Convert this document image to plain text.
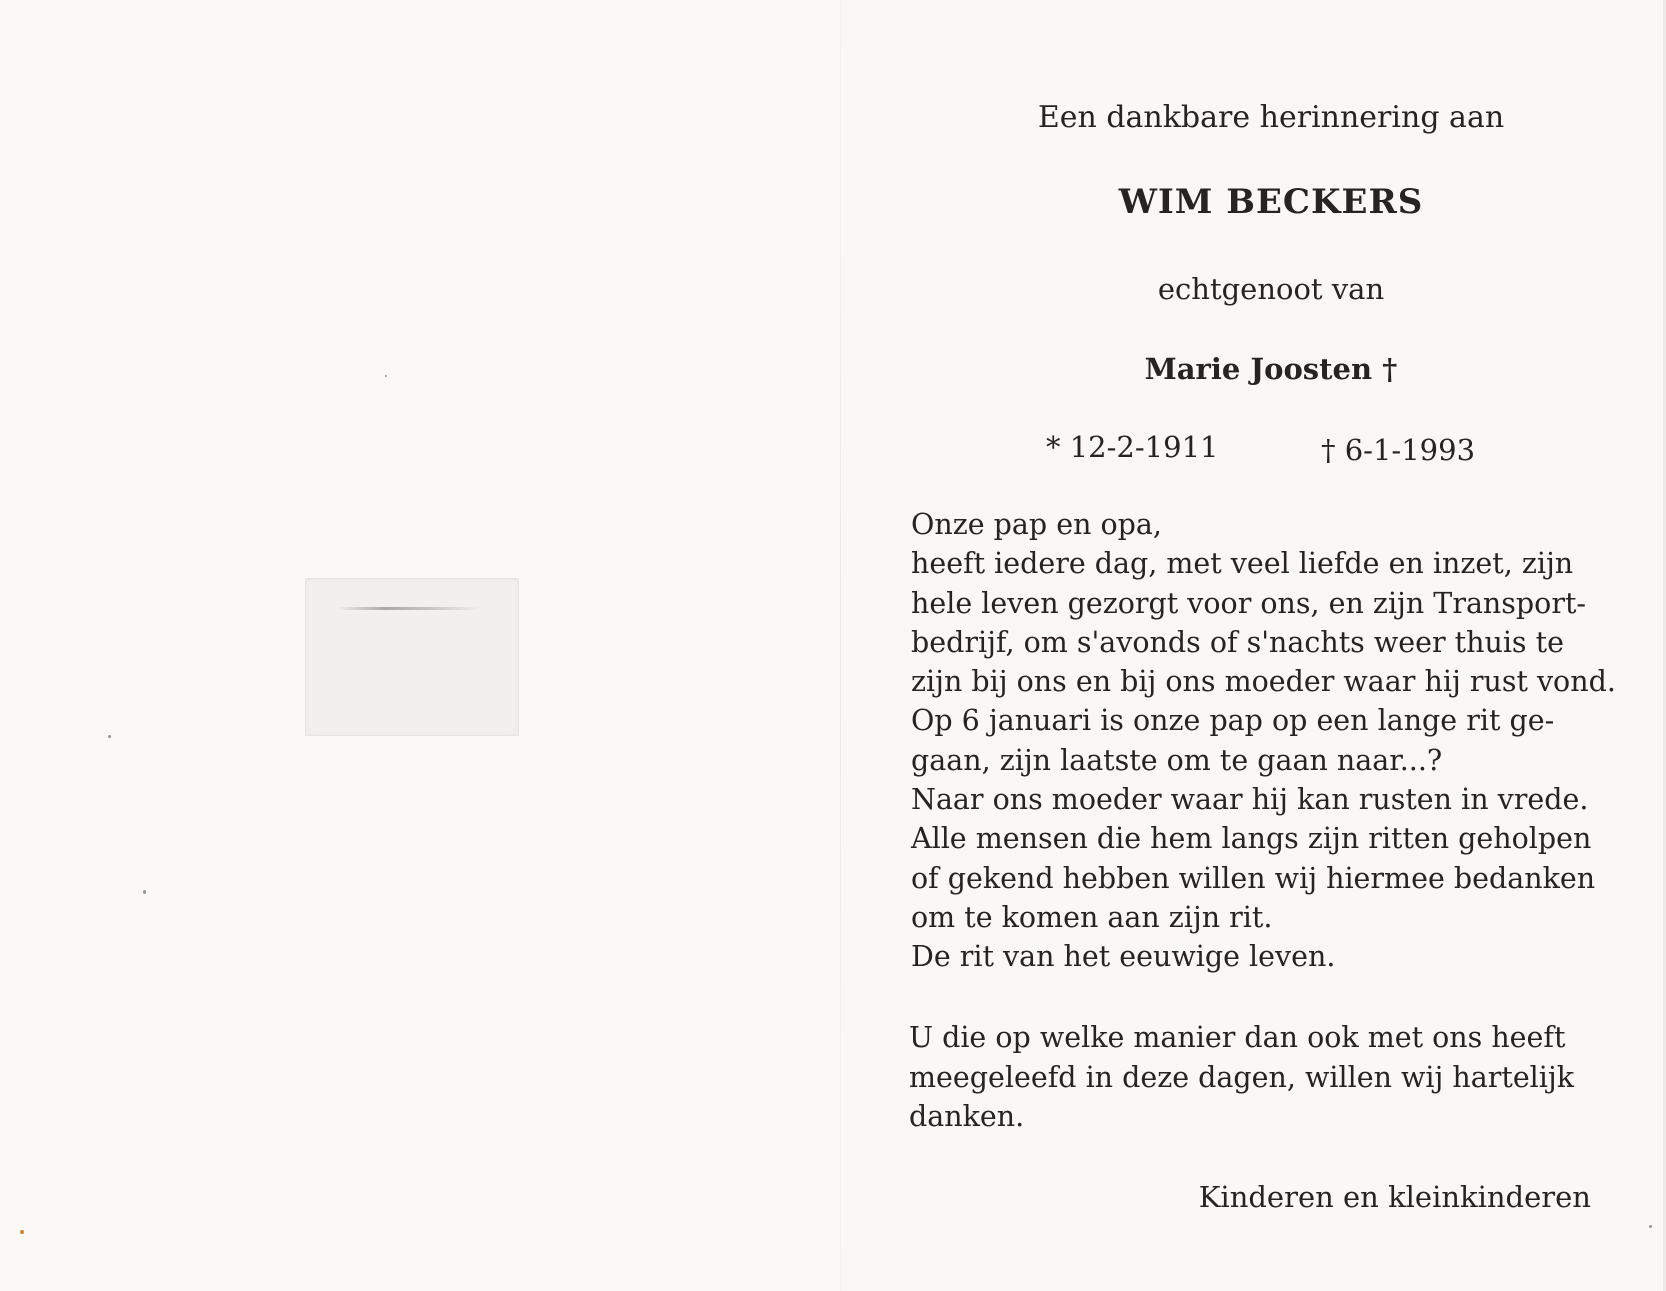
Een dankbare herinnering aan
WIM BECKERS
echtgenoot van
Marie Joosten †
* 12-2-1911	† 6-1-1993
Onze pap en opa,
heeft iedere dag, met veel liefde en inzet, zijn
hele leven gezorgt voor ons, en zijn Transport-
bedrijf, om s'avonds of s'nachts weer thuis te
zijn bij ons en bij ons moeder waar hij rust vond.
Op 6 januari is onze pap op een lange rit ge-
gaan, zijn laatste om te gaan naar...?
Naar ons moeder waar hij kan rusten in vrede.
Alle mensen die hem langs zijn ritten geholpen
of gekend hebben willen wij hiermee bedanken
om te komen aan zijn rit.
De rit van het eeuwige leven.
U die op welke manier dan ook met ons heeft
meegeleefd in deze dagen, willen wij hartelijk
danken.
Kinderen en kleinkinderen
